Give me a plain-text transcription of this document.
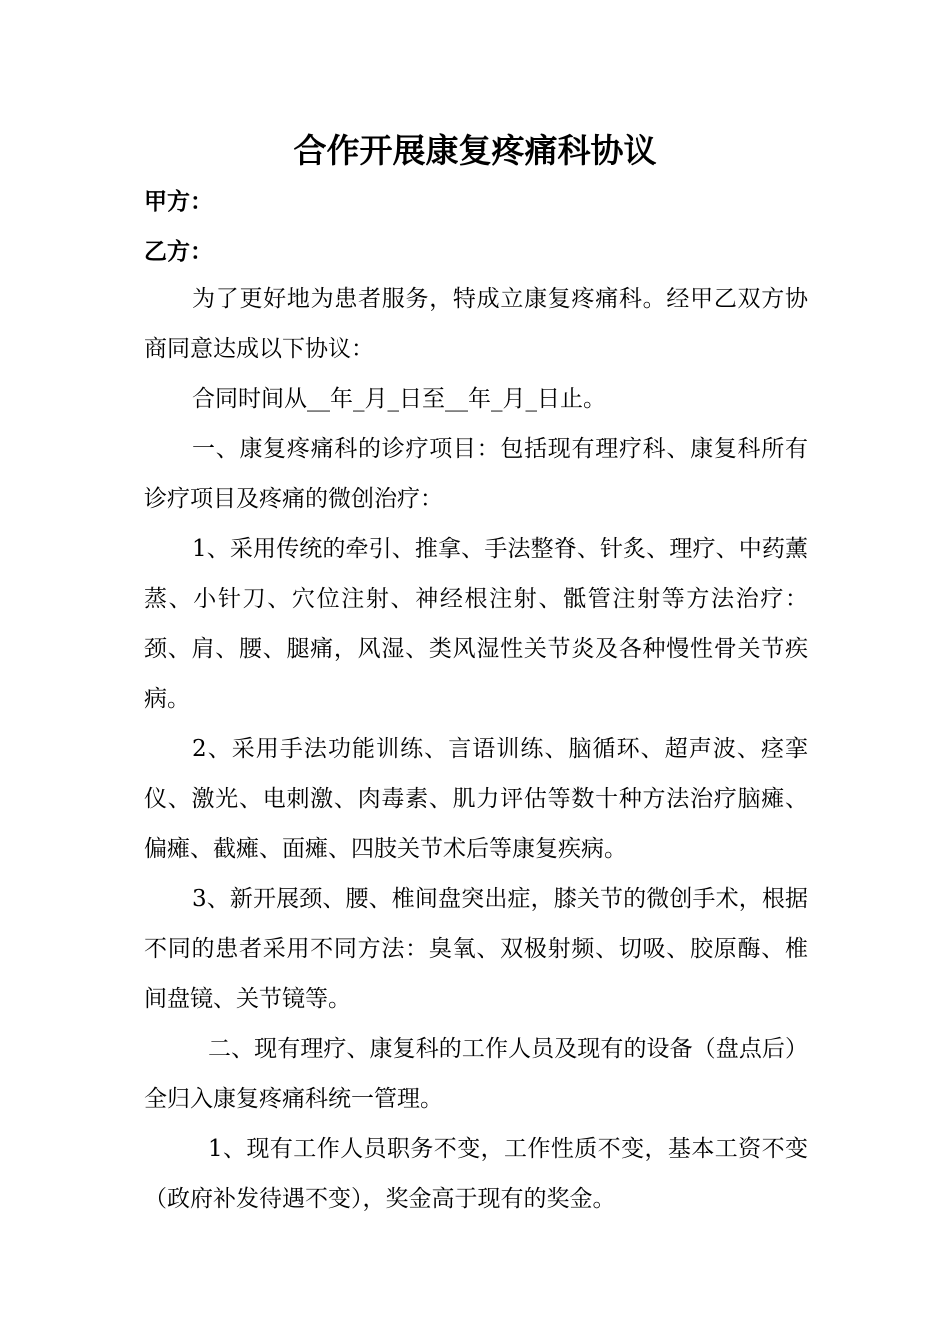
合作开展康复疼痛科协议
甲方：
乙方：

为了更好地为患者服务，特成立康复疼痛科。经甲乙双方协商同意达成以下协议：

合同时间从__年_月_日至__年_月_日止。

一、康复疼痛科的诊疗项目：包括现有理疗科、康复科所有诊疗项目及疼痛的微创治疗：

1、采用传统的牵引、推拿、手法整脊、针炙、理疗、中药薰蒸、小针刀、穴位注射、神经根注射、骶管注射等方法治疗：颈、肩、腰、腿痛，风湿、类风湿性关节炎及各种慢性骨关节疾病。

2、采用手法功能训练、言语训练、脑循环、超声波、痉挛仪、激光、电刺激、肉毒素、肌力评估等数十种方法治疗脑瘫、偏瘫、截瘫、面瘫、四肢关节术后等康复疾病。

3、新开展颈、腰、椎间盘突出症，膝关节的微创手术，根据不同的患者采用不同方法：臭氧、双极射频、切吸、胶原酶、椎间盘镜、关节镜等。

二、现有理疗、康复科的工作人员及现有的设备（盘点后）全归入康复疼痛科统一管理。

1、现有工作人员职务不变，工作性质不变，基本工资不变（政府补发待遇不变），奖金高于现有的奖金。
